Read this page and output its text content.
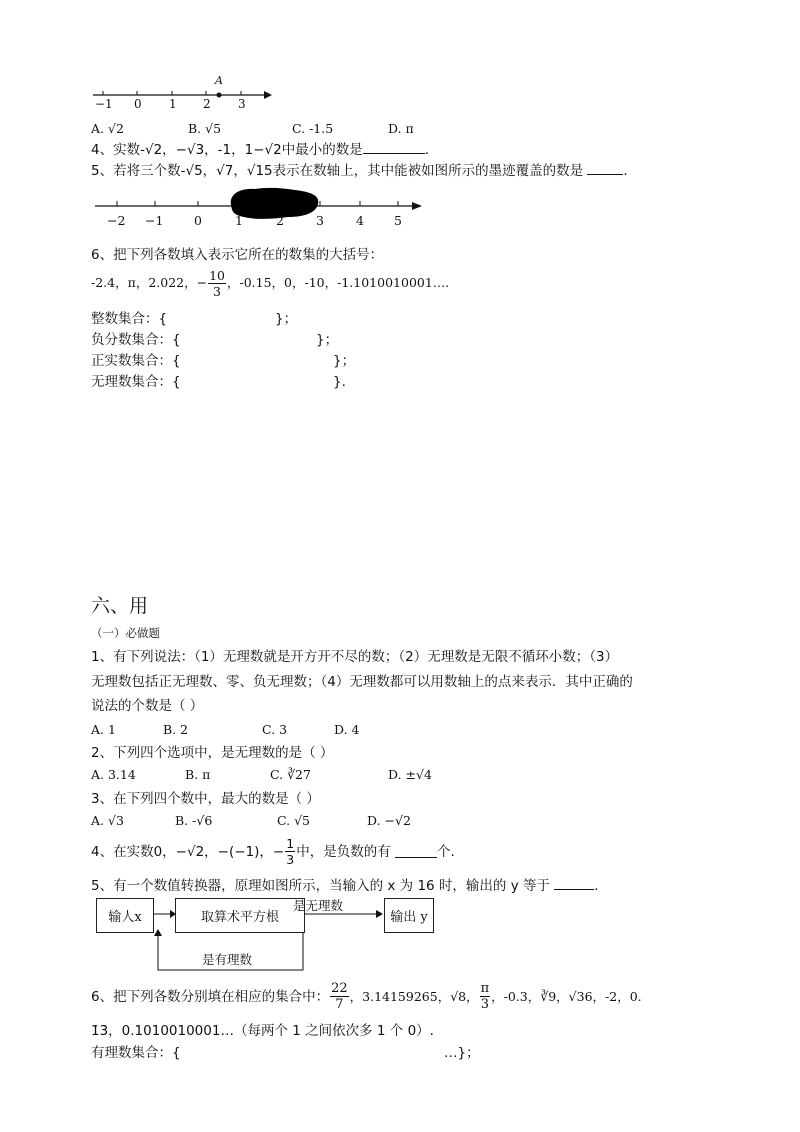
A
−1 0 1 2 3
A. √2	B. √5	C. -1.5	D. π
4、实数-√2，−√3，-1，1−√2中最小的数是	.
5、若将三个数-√5，√7，√15表示在数轴上，其中能被如图所示的墨迹覆盖的数是	.
−2 −1 0	1	2	3	4 5
6、把下列各数填入表示它所在的数集的大括号：
-2.4，π，2.022，− $\frac{10}{3}$ ，-0.15，0，-10，-1.1010010001….
整数集合：{	}；
负分数集合：{	}；
正实数集合：{	}；
无理数集合：{	}.
六、用
（一）必做题
1、有下列说法：（1）无理数就是开方开不尽的数；（2）无理数是无限不循环小数；（3）
无理数包括正无理数、零、负无理数；（4）无理数都可以用数轴上的点来表示．其中正确的
说法的个数是（ ）
A. 1	B. 2	C. 3	D. 4
2、下列四个选项中，是无理数的是（ ）
A. 3.14	B. π	C. ∛27	D. ±√4
3、在下列四个数中，最大的数是（ ）
A. √3	B. -√6	C. √5	D. −√2
4、在实数0，−√2，−(−1)，− $\frac{1}{3}$ 中，是负数的有
	个.
5、有一个数值转换器，原理如图所示，当输入的 x 为 16 时，输出的 y 等于	.
输人x	取算术平方根	输出 y
是无理数
是有理数
6、把下列各数分别填在相应的集合中： $\frac{22}{7}$ ，3.14159265，√8， $\frac{\pi}{3}$ ，-0.3，∛9，√36，-2，0.
1̇3̇，0.1010010001…（每两个 1 之间依次多 1 个 0）.
有理数集合：{	…}；
